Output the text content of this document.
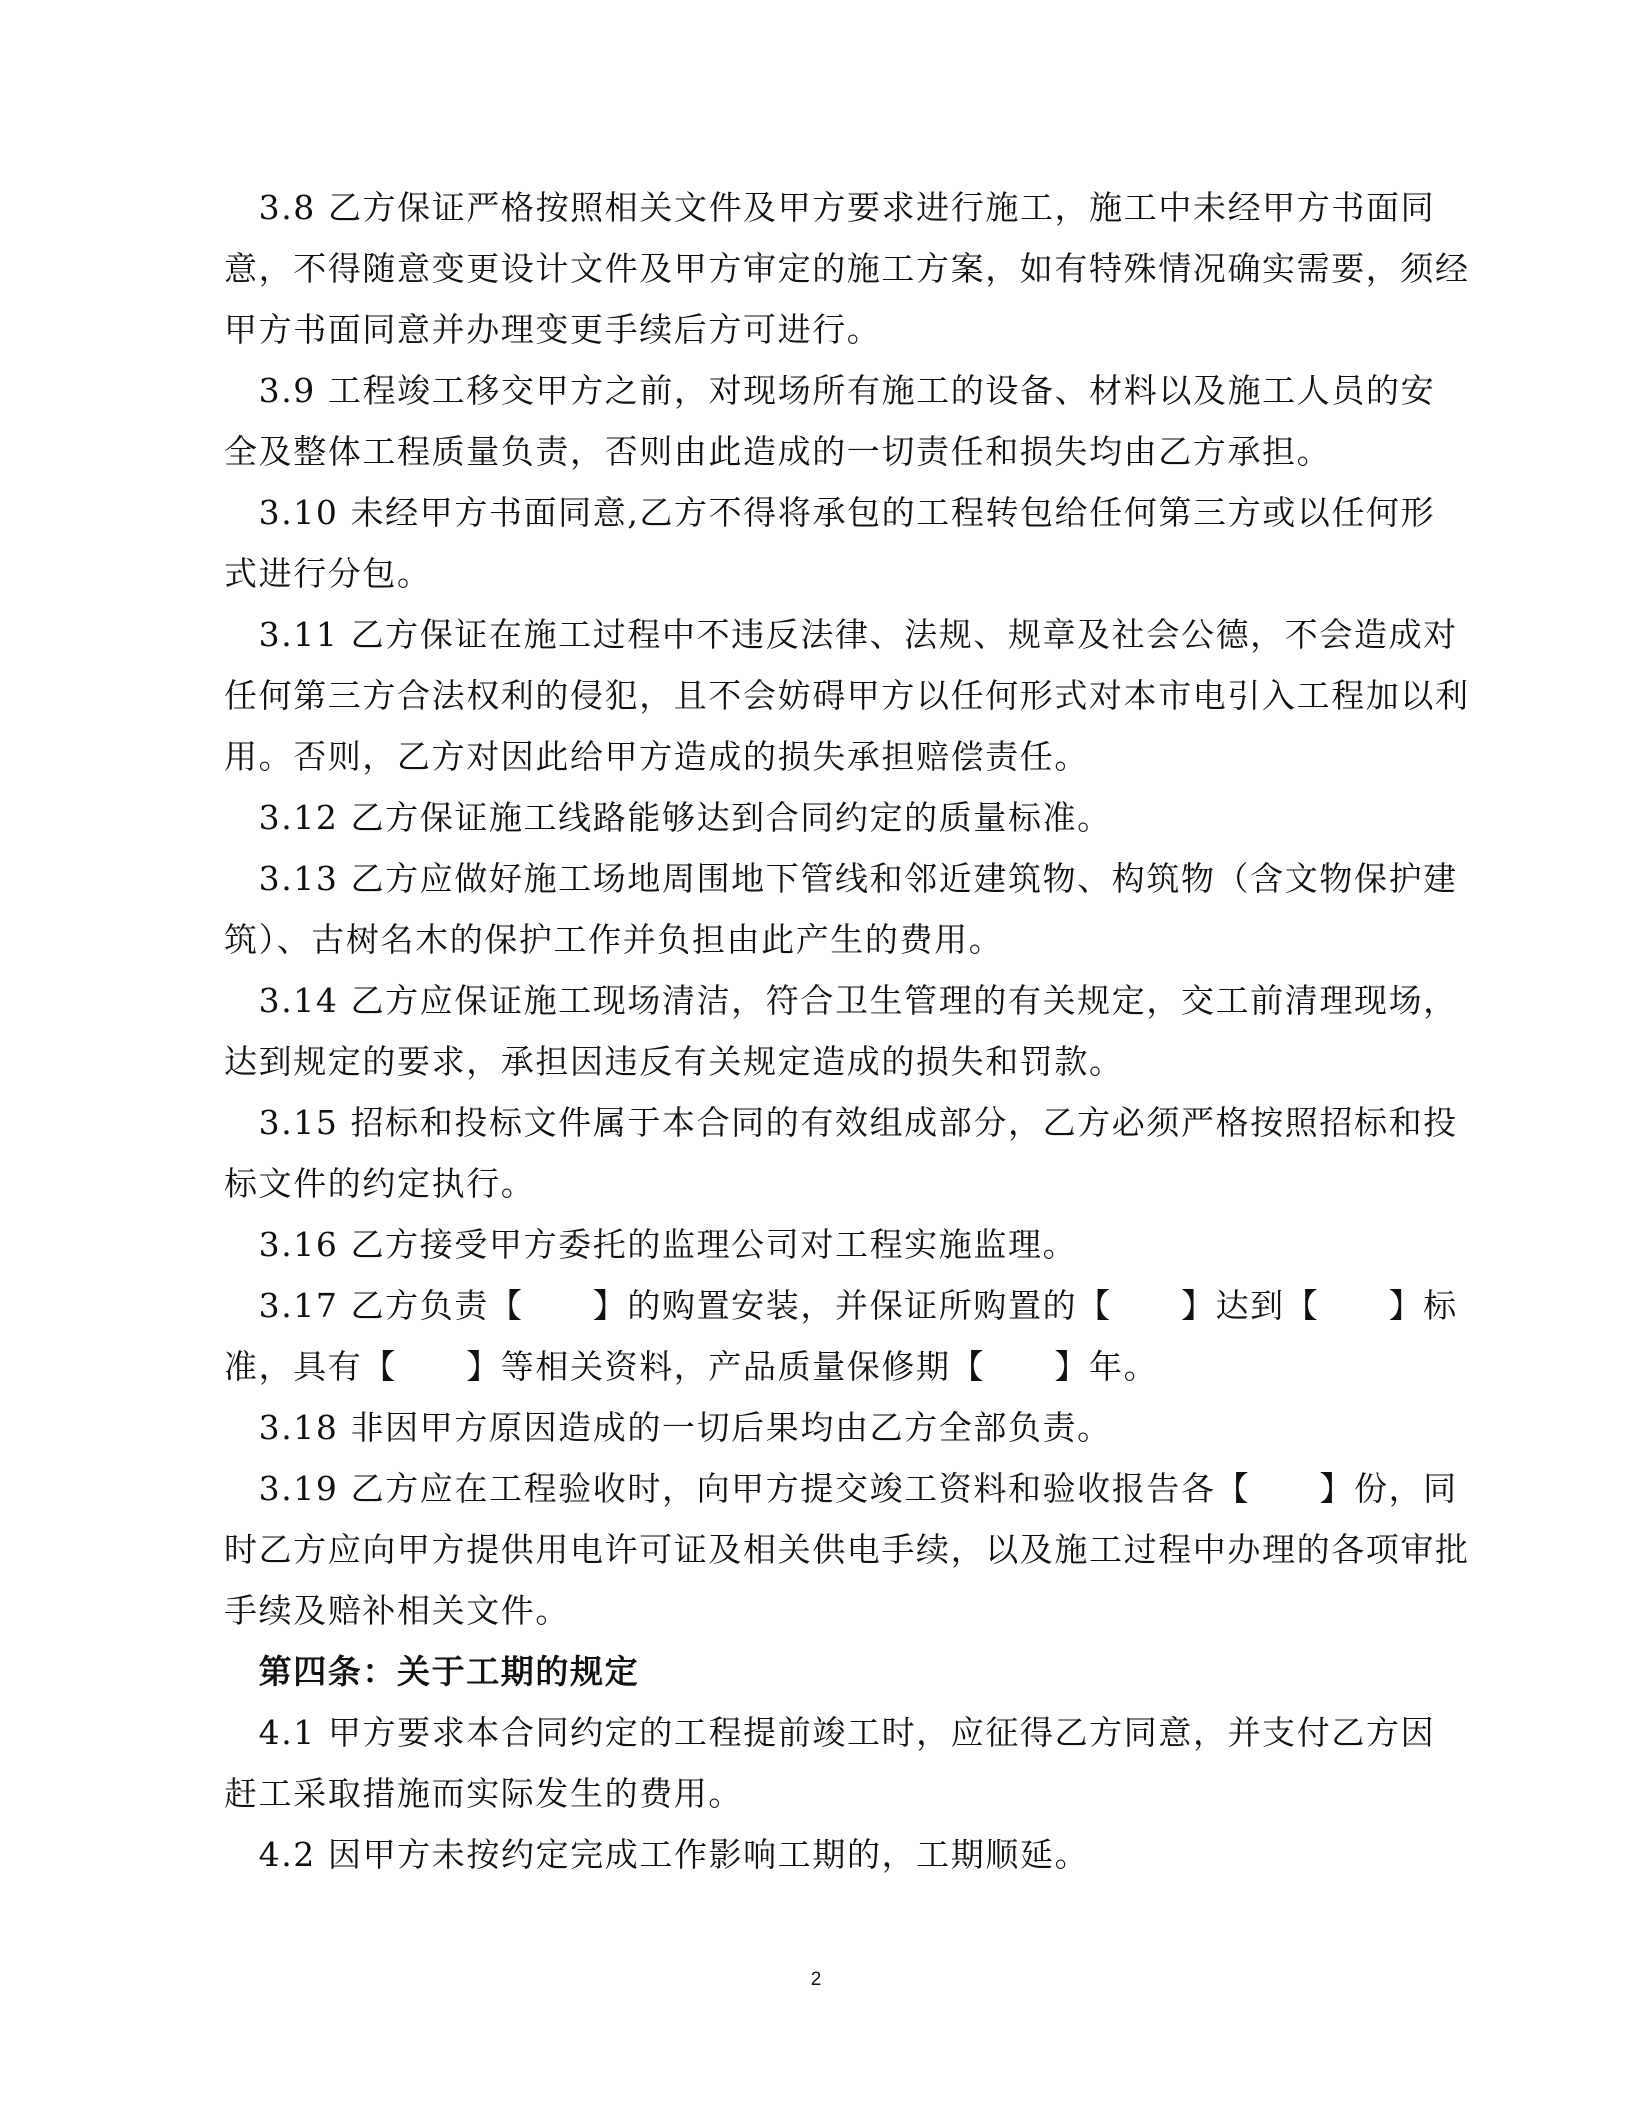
　3.8 乙方保证严格按照相关文件及甲方要求进行施工，施工中未经甲方书面同
意，不得随意变更设计文件及甲方审定的施工方案，如有特殊情况确实需要，须经
甲方书面同意并办理变更手续后方可进行。
　3.9 工程竣工移交甲方之前，对现场所有施工的设备、材料以及施工人员的安
全及整体工程质量负责，否则由此造成的一切责任和损失均由乙方承担。
　3.10 未经甲方书面同意,乙方不得将承包的工程转包给任何第三方或以任何形
式进行分包。
　3.11 乙方保证在施工过程中不违反法律、法规、规章及社会公德，不会造成对
任何第三方合法权利的侵犯，且不会妨碍甲方以任何形式对本市电引入工程加以利
用。否则，乙方对因此给甲方造成的损失承担赔偿责任。
　3.12 乙方保证施工线路能够达到合同约定的质量标准。
　3.13 乙方应做好施工场地周围地下管线和邻近建筑物、构筑物（含文物保护建
筑）、古树名木的保护工作并负担由此产生的费用。
　3.14 乙方应保证施工现场清洁，符合卫生管理的有关规定，交工前清理现场，
达到规定的要求，承担因违反有关规定造成的损失和罚款。
　3.15 招标和投标文件属于本合同的有效组成部分，乙方必须严格按照招标和投
标文件的约定执行。
　3.16 乙方接受甲方委托的监理公司对工程实施监理。
　3.17 乙方负责【　　】的购置安装，并保证所购置的【　　】达到【　　】标
准，具有【　　】等相关资料，产品质量保修期【　　】年。
　3.18 非因甲方原因造成的一切后果均由乙方全部负责。
　3.19 乙方应在工程验收时，向甲方提交竣工资料和验收报告各【　　】份，同
时乙方应向甲方提供用电许可证及相关供电手续，以及施工过程中办理的各项审批
手续及赔补相关文件。
　第四条：关于工期的规定
　4.1 甲方要求本合同约定的工程提前竣工时，应征得乙方同意，并支付乙方因
赶工采取措施而实际发生的费用。
　4.2 因甲方未按约定完成工作影响工期的，工期顺延。
2
